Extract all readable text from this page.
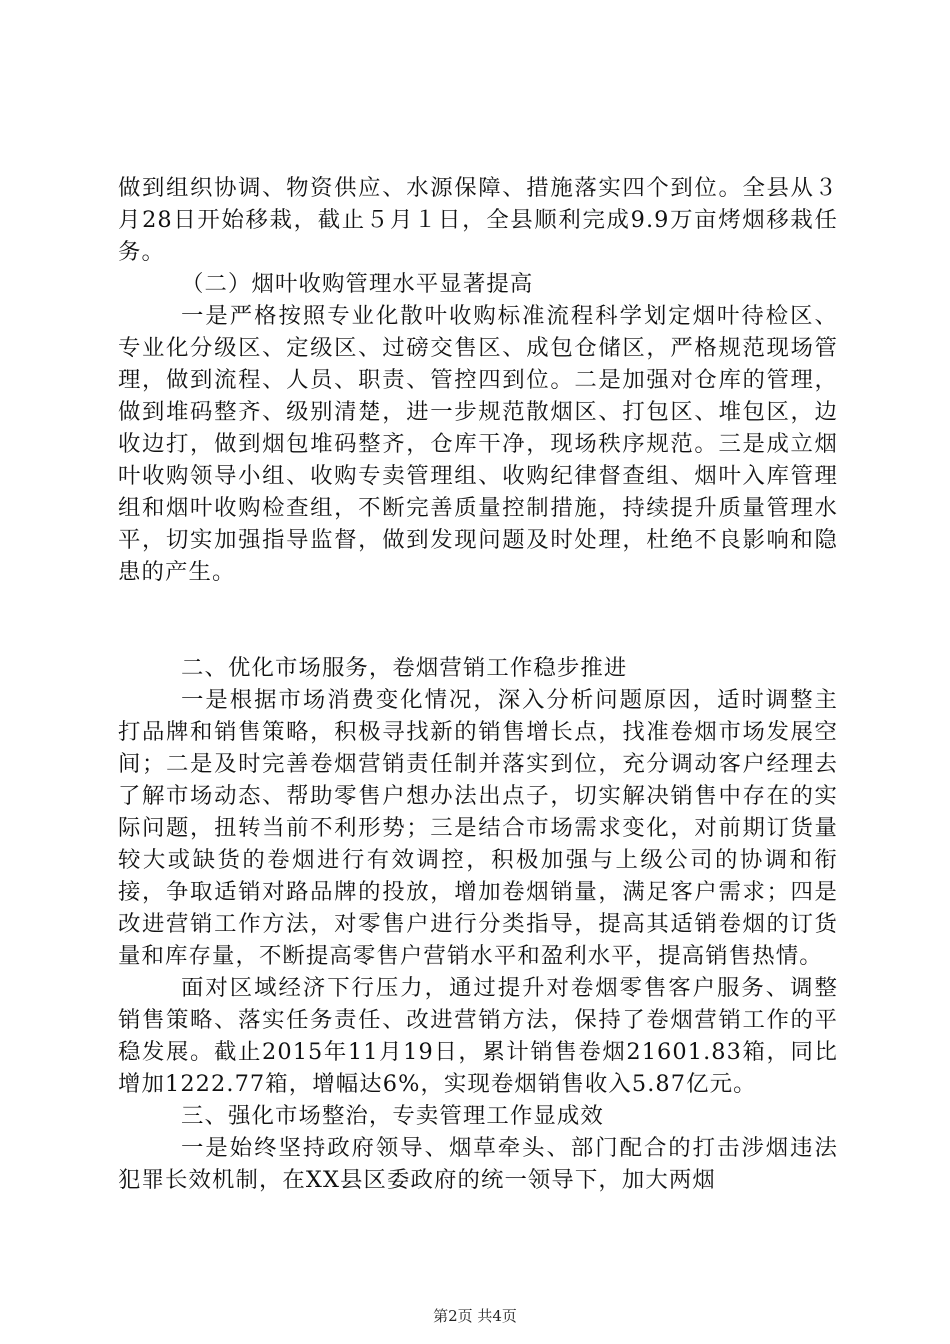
做到组织协调、物资供应、水源保障、措施落实四个到位。全县从３月28日开始移栽，截止５月１日，全县顺利完成9.9万亩烤烟移栽任务。

（二）烟叶收购管理水平显著提高

一是严格按照专业化散叶收购标准流程科学划定烟叶待检区、专业化分级区、定级区、过磅交售区、成包仓储区，严格规范现场管理，做到流程、人员、职责、管控四到位。二是加强对仓库的管理，做到堆码整齐、级别清楚，进一步规范散烟区、打包区、堆包区，边收边打，做到烟包堆码整齐，仓库干净，现场秩序规范。三是成立烟叶收购领导小组、收购专卖管理组、收购纪律督查组、烟叶入库管理组和烟叶收购检查组，不断完善质量控制措施，持续提升质量管理水平，切实加强指导监督，做到发现问题及时处理，杜绝不良影响和隐患的产生。

二、优化市场服务，卷烟营销工作稳步推进

一是根据市场消费变化情况，深入分析问题原因，适时调整主打品牌和销售策略，积极寻找新的销售增长点，找准卷烟市场发展空间；二是及时完善卷烟营销责任制并落实到位，充分调动客户经理去了解市场动态、帮助零售户想办法出点子，切实解决销售中存在的实际问题，扭转当前不利形势；三是结合市场需求变化，对前期订货量较大或缺货的卷烟进行有效调控，积极加强与上级公司的协调和衔接，争取适销对路品牌的投放，增加卷烟销量，满足客户需求；四是改进营销工作方法，对零售户进行分类指导，提高其适销卷烟的订货量和库存量，不断提高零售户营销水平和盈利水平，提高销售热情。

面对区域经济下行压力，通过提升对卷烟零售客户服务、调整销售策略、落实任务责任、改进营销方法，保持了卷烟营销工作的平稳发展。截止2015年11月19日，累计销售卷烟21601.83箱，同比增加1222.77箱，增幅达6%，实现卷烟销售收入5.87亿元。

三、强化市场整治，专卖管理工作显成效

一是始终坚持政府领导、烟草牵头、部门配合的打击涉烟违法犯罪长效机制，在XX县区委政府的统一领导下，加大两烟

第2页 共4页
